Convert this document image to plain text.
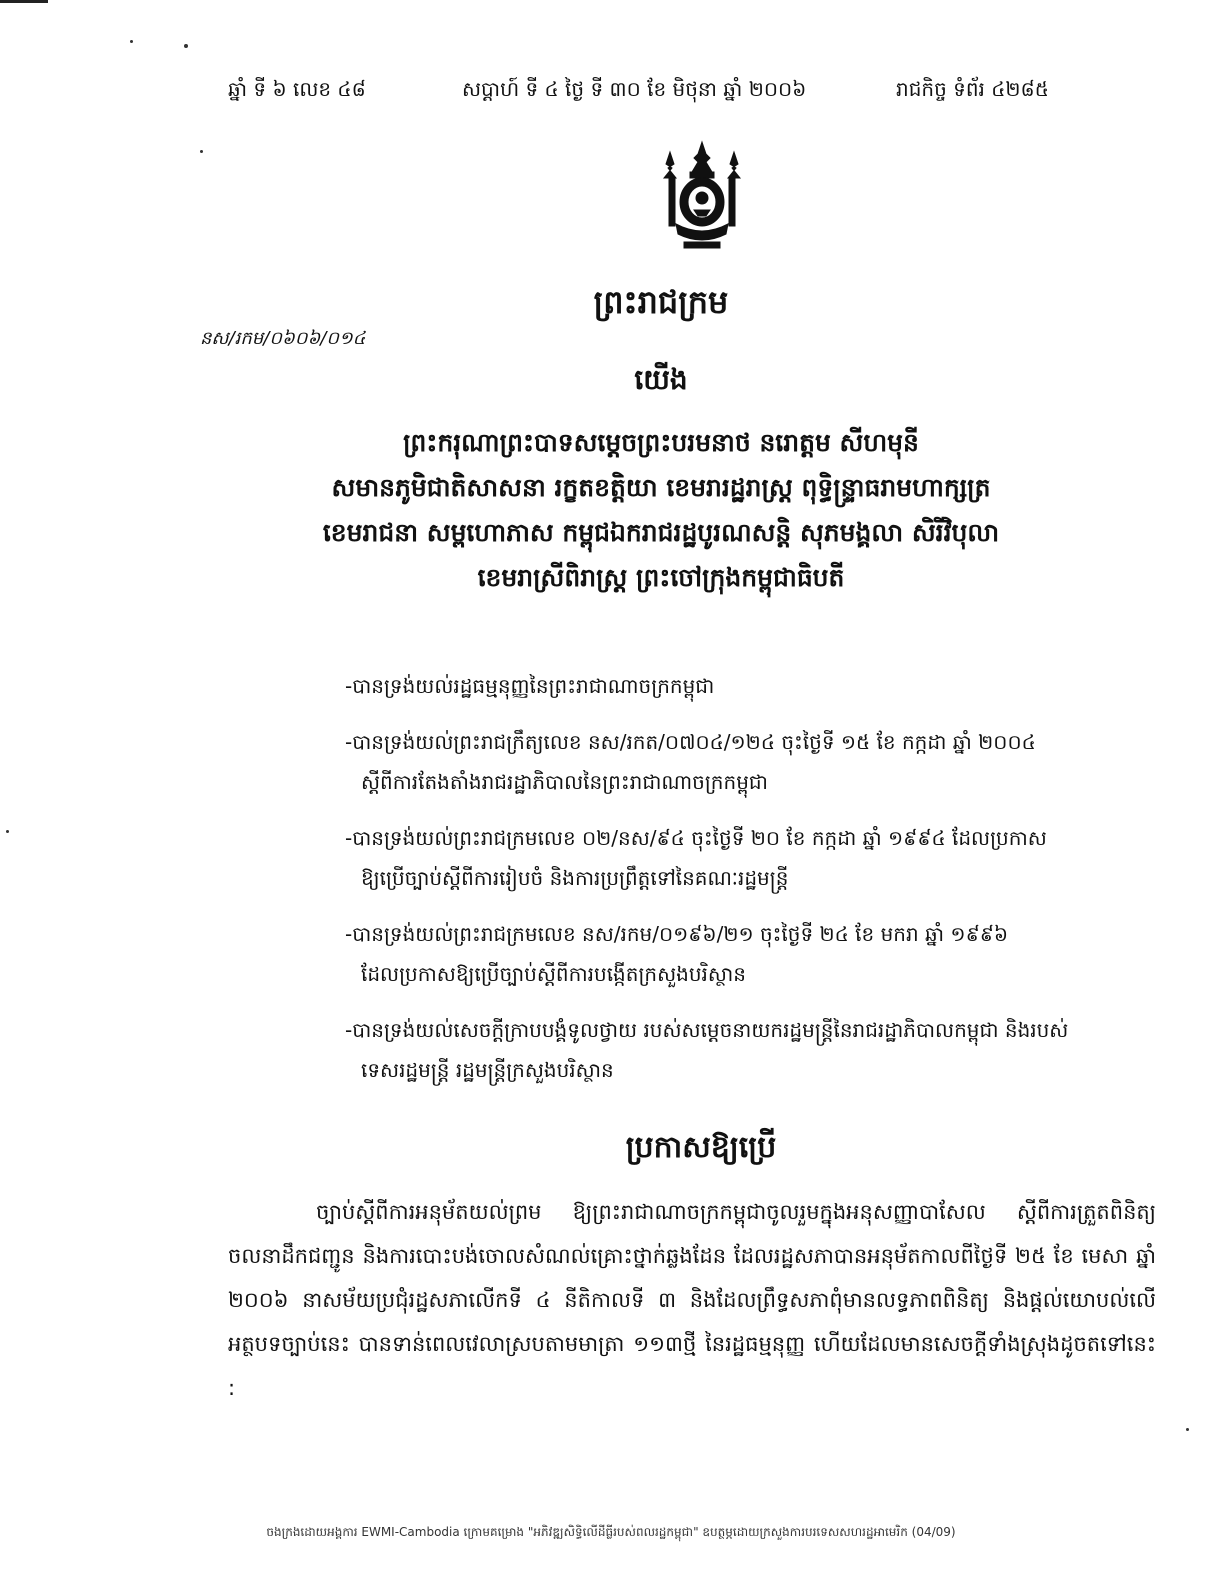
ឆ្នាំ ទី ៦ លេខ ៤៨	សប្តាហ៍ ទី ៤ ថ្ងៃ ទី ៣០ ខែ មិថុនា ឆ្នាំ ២០០៦	រាជកិច្ច ទំព័រ ៤២៨៥
ព្រះរាជក្រម
នស/រកម/០៦០៦/០១៤
យើង
ព្រះករុណាព្រះបាទសម្តេចព្រះបរមនាថ នរោត្តម សីហមុនី
សមានភូមិជាតិសាសនា រក្ខតខត្តិយា ខេមរារដ្ឋរាស្ត្រ ពុទ្ធិន្ទ្រាធរាមហាក្សត្រ
ខេមរាជនា សម្ពហោភាស កម្ពុជឯករាជរដ្ឋបូរណសន្តិ សុភមង្គលា សិរីវិបុលា
ខេមរាស្រីពិរាស្ត្រ ព្រះចៅក្រុងកម្ពុជាធិបតី
-បានទ្រង់យល់រដ្ឋធម្មនុញ្ញនៃព្រះរាជាណាចក្រកម្ពុជា
-បានទ្រង់យល់ព្រះរាជក្រឹត្យលេខ នស/រកត/០៧០៤/១២៤ ចុះថ្ងៃទី ១៥ ខែ កក្កដា ឆ្នាំ ២០០៤
ស្តីពីការតែងតាំងរាជរដ្ឋាភិបាលនៃព្រះរាជាណាចក្រកម្ពុជា
-បានទ្រង់យល់ព្រះរាជក្រមលេខ ០២/នស/៩៤ ចុះថ្ងៃទី ២០ ខែ កក្កដា ឆ្នាំ ១៩៩៤ ដែលប្រកាស
ឱ្យប្រើច្បាប់ស្តីពីការរៀបចំ និងការប្រព្រឹត្តទៅនៃគណៈរដ្ឋមន្ត្រី
-បានទ្រង់យល់ព្រះរាជក្រមលេខ នស/រកម/០១៩៦/២១ ចុះថ្ងៃទី ២៤ ខែ មករា ឆ្នាំ ១៩៩៦
ដែលប្រកាសឱ្យប្រើច្បាប់ស្តីពីការបង្កើតក្រសួងបរិស្ថាន
-បានទ្រង់យល់សេចក្តីក្រាបបង្គំទូលថ្វាយ របស់សម្តេចនាយករដ្ឋមន្ត្រីនៃរាជរដ្ឋាភិបាលកម្ពុជា និងរបស់
ទេសរដ្ឋមន្ត្រី រដ្ឋមន្ត្រីក្រសួងបរិស្ថាន
ប្រកាសឱ្យប្រើ
ច្បាប់ស្តីពីការអនុម័តយល់ព្រម ឱ្យព្រះរាជាណាចក្រកម្ពុជាចូលរួមក្នុងអនុសញ្ញាបាសែល ស្តីពីការត្រួតពិនិត្យចលនាដឹកជញ្ជូន និងការបោះបង់ចោលសំណល់គ្រោះថ្នាក់ឆ្លងដែន ដែលរដ្ឋសភាបានអនុម័តកាលពីថ្ងៃទី ២៥ ខែ មេសា ឆ្នាំ ២០០៦ នាសម័យប្រជុំរដ្ឋសភាលើកទី ៤ នីតិកាលទី ៣ និងដែលព្រឹទ្ធសភាពុំមានលទ្ធភាពពិនិត្យ និងផ្តល់យោបល់លើអត្ថបទច្បាប់នេះ បានទាន់ពេលវេលាស្របតាមមាត្រា ១១៣ថ្មី នៃរដ្ឋធម្មនុញ្ញ ហើយដែលមានសេចក្តីទាំងស្រុងដូចតទៅនេះ :
ចងក្រងដោយអង្គការ EWMI-Cambodia ក្រោមគម្រោង "អភិវឌ្ឍសិទ្ធិលើដីធ្លីរបស់ពលរដ្ឋកម្ពុជា" ឧបត្ថម្ភដោយក្រសួងការបរទេសសហរដ្ឋអាមេរិក (04/09)
